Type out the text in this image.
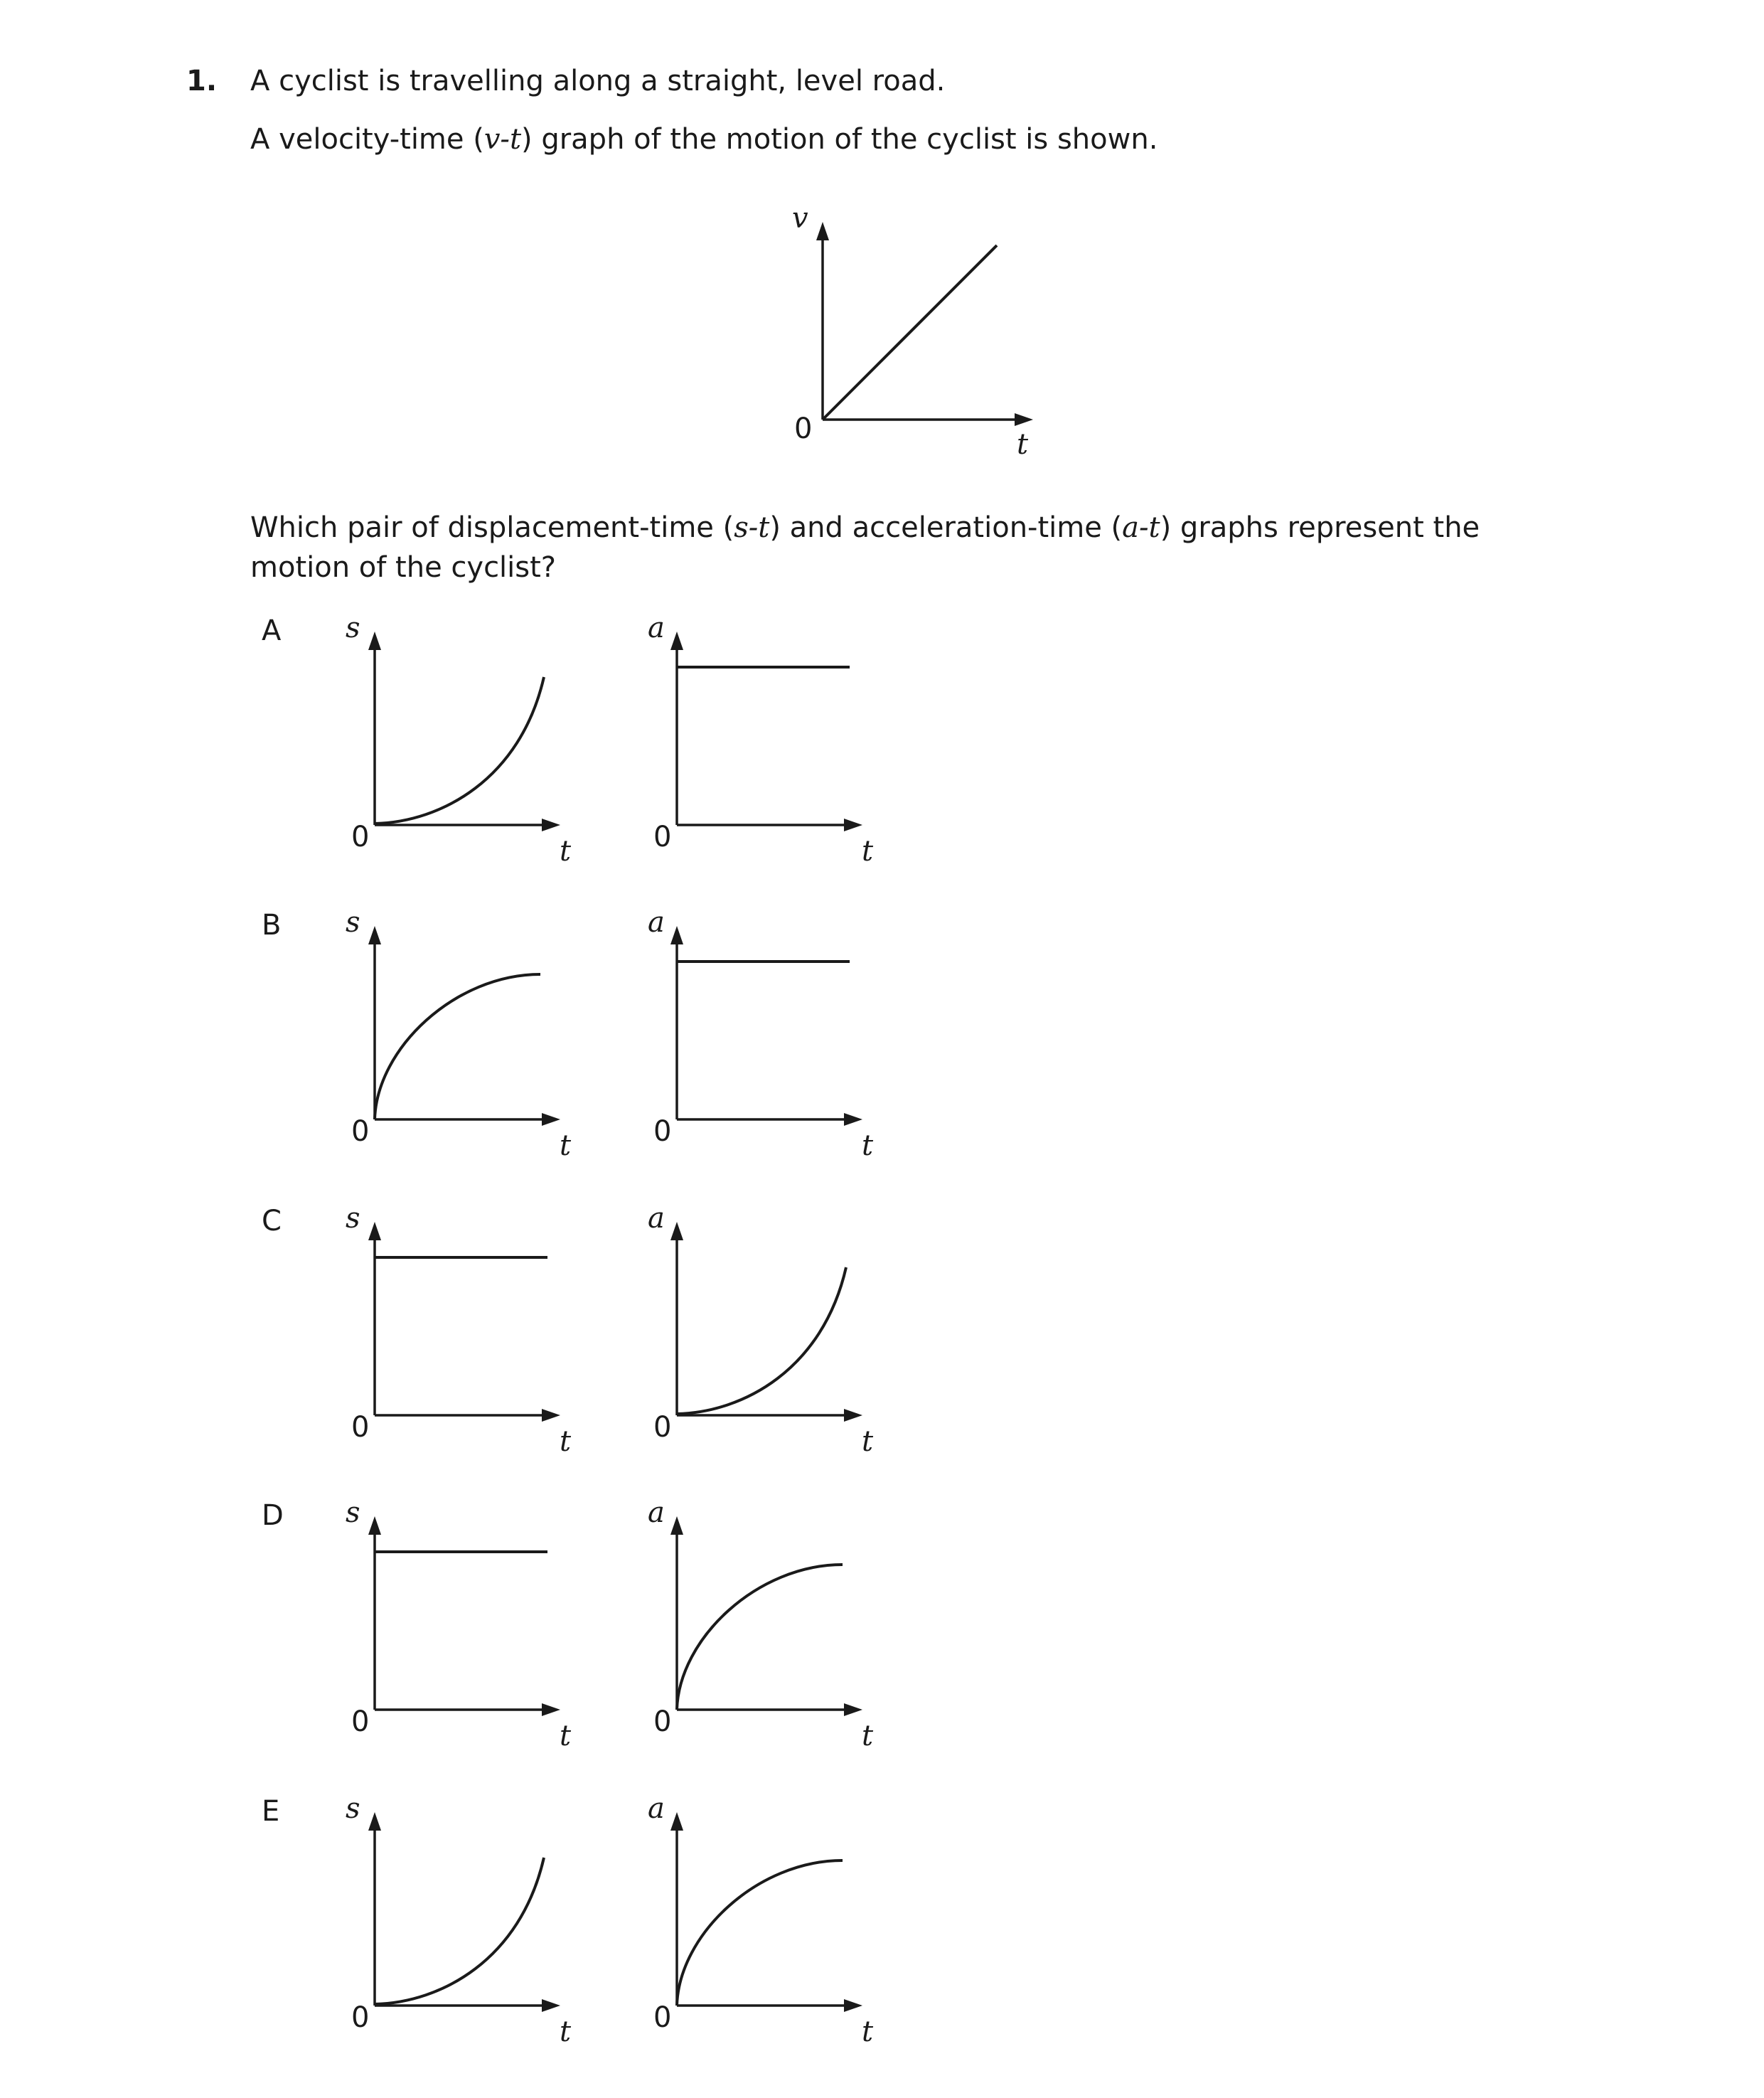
1. A cyclist is travelling along a straight, level road.
A velocity-time (v-t) graph of the motion of the cyclist is shown.
v
t
0
Which pair of displacement-time (s-t) and acceleration-time (a-t) graphs represent the
motion of the cyclist?
A s
t
0
a
t
0
B s
t
0
a
t
0
C s
t
0
a
t
0
D s
t
0
a
t
0
E s
t
0
a
t
0
